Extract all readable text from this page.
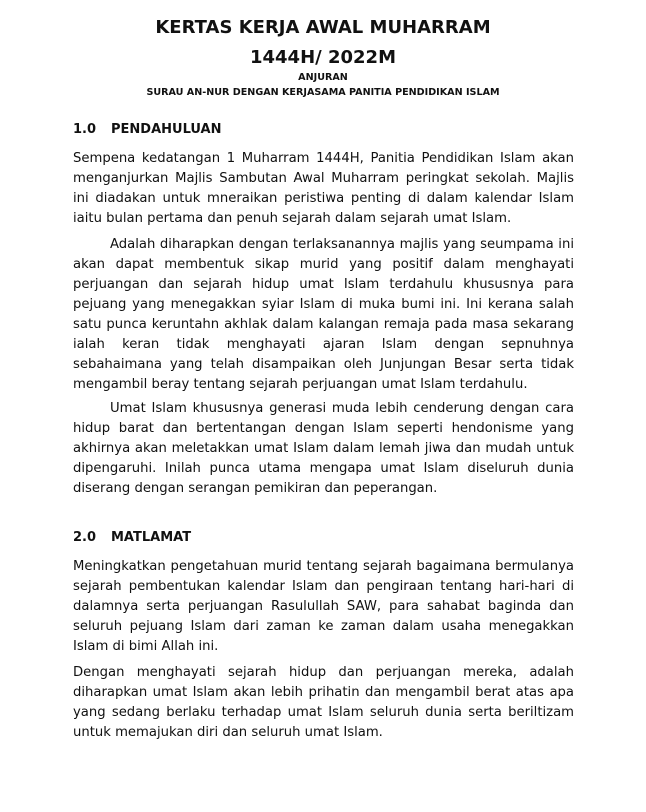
KERTAS KERJA AWAL MUHARRAM
1444H/ 2022M

ANJURAN

SURAU AN-NUR DENGAN KERJASAMA PANITIA PENDIDIKAN ISLAM

1.0 PENDAHULUAN

Sempena kedatangan 1 Muharram 1444H, Panitia Pendidikan Islam akan menganjurkan Majlis Sambutan Awal Muharram peringkat sekolah. Majlis ini diadakan untuk mneraikan peristiwa penting di dalam kalendar Islam iaitu bulan pertama dan penuh sejarah dalam sejarah umat Islam.

Adalah diharapkan dengan terlaksanannya majlis yang seumpama ini akan dapat membentuk sikap murid yang positif dalam menghayati perjuangan dan sejarah hidup umat Islam terdahulu khususnya para pejuang yang menegakkan syiar Islam di muka bumi ini. Ini kerana salah satu punca keruntahn akhlak dalam kalangan remaja pada masa sekarang ialah keran tidak menghayati ajaran Islam dengan sepnuhnya sebahaimana yang telah disampaikan oleh Junjungan Besar serta tidak mengambil beray tentang sejarah perjuangan umat Islam terdahulu.

Umat Islam khususnya generasi muda lebih cenderung dengan cara hidup barat dan bertentangan dengan Islam seperti hendonisme yang akhirnya akan meletakkan umat Islam dalam lemah jiwa dan mudah untuk dipengaruhi. Inilah punca utama mengapa umat Islam diseluruh dunia diserang dengan serangan pemikiran dan peperangan.

2.0 MATLAMAT

Meningkatkan pengetahuan murid tentang sejarah bagaimana bermulanya sejarah pembentukan kalendar Islam dan pengiraan tentang hari-hari di dalamnya serta perjuangan Rasulullah SAW, para sahabat baginda dan seluruh pejuang Islam dari zaman ke zaman dalam usaha menegakkan Islam di bimi Allah ini.

Dengan menghayati sejarah hidup dan perjuangan mereka, adalah diharapkan umat Islam akan lebih prihatin dan mengambil berat atas apa yang sedang berlaku terhadap umat Islam seluruh dunia serta beriltizam untuk memajukan diri dan seluruh umat Islam.
